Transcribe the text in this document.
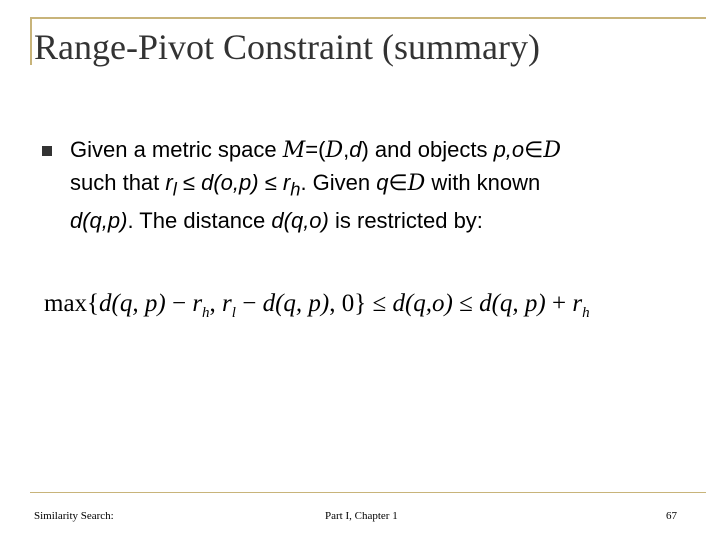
Range-Pivot Constraint (summary)
Given a metric space M=(D,d) and objects p,o∈D
such that $r_l \le d(o,p) \le r_h$. Given q∈D with known
d(q,p). The distance d(q,o) is restricted by:
max{d(q, $p) - r_h$, $r_l - d(q$, p), 0} ≤ d(q,o) ≤ d(q, $p) + r_h$
Similarity Search:	Part I, Chapter 1	67
